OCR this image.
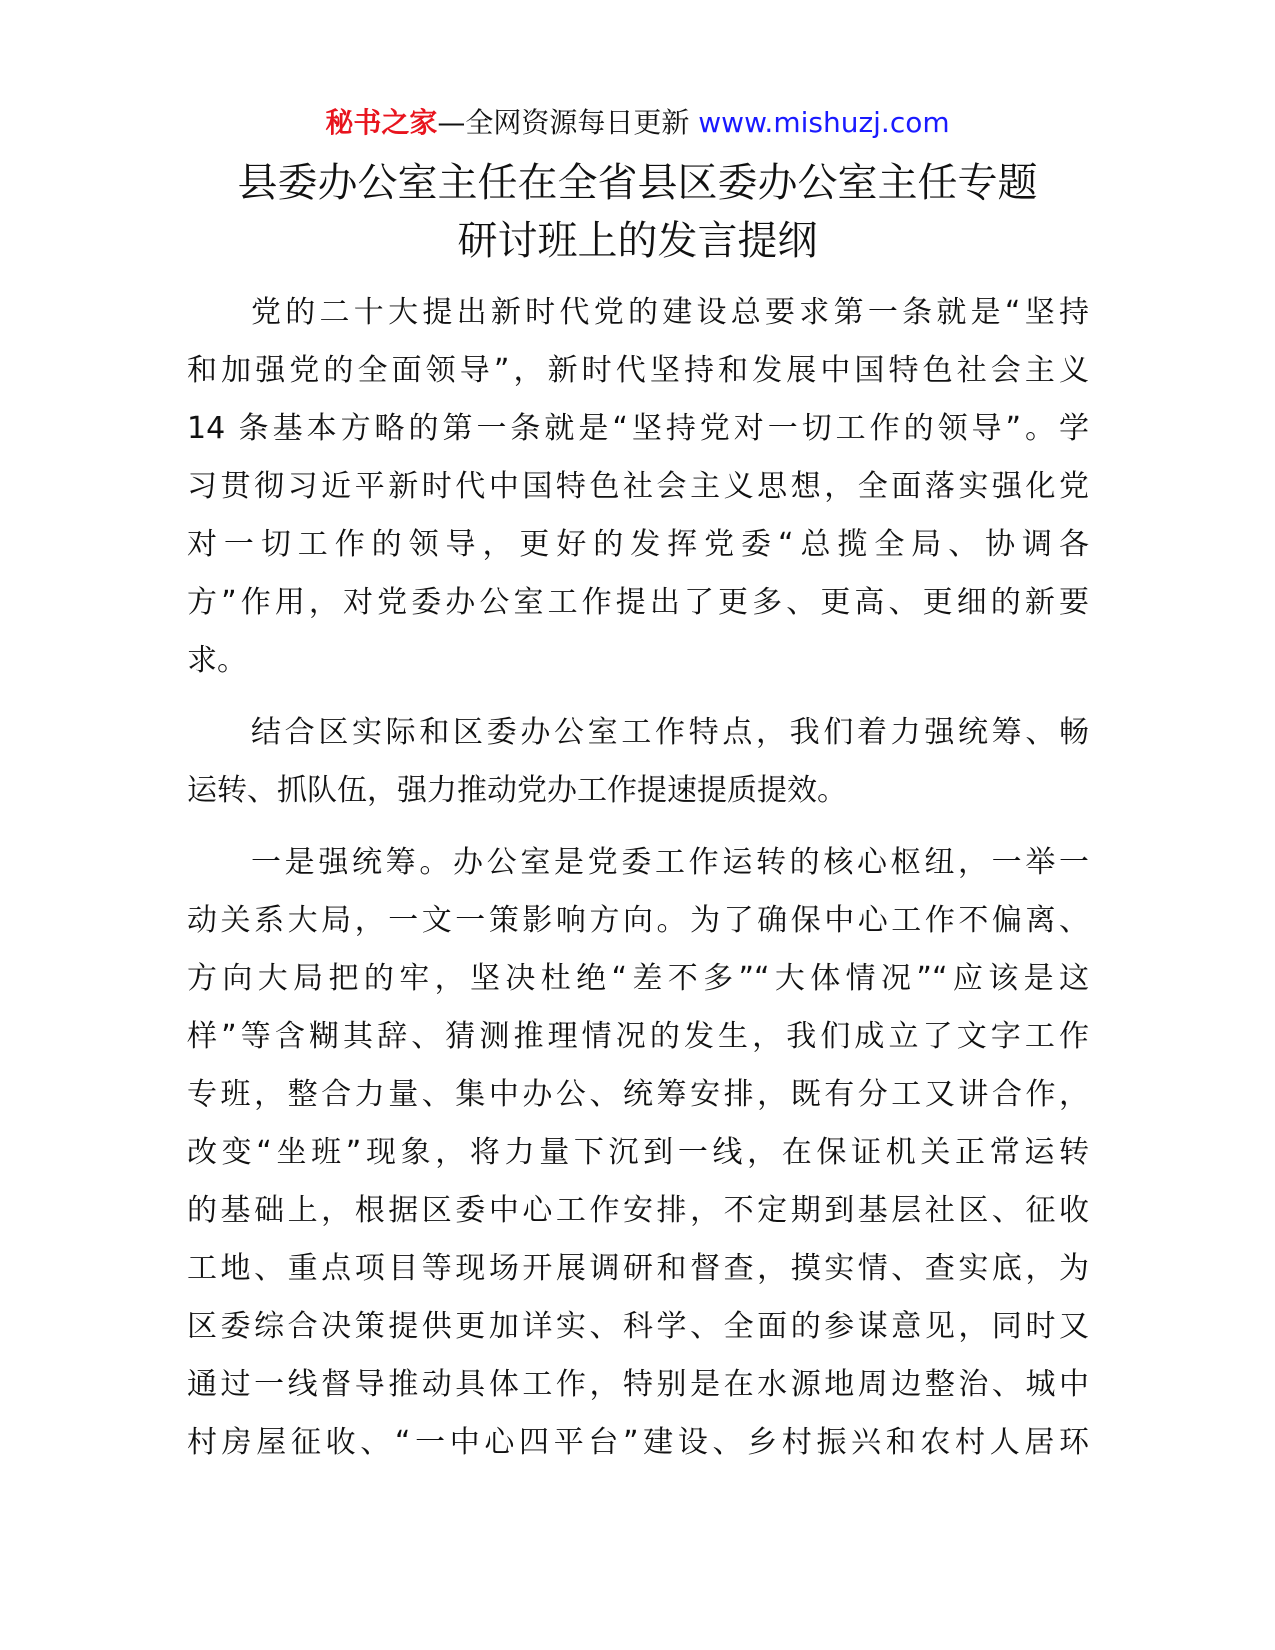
秘书之家—全网资源每日更新 www.mishuzj.com
县委办公室主任在全省县区委办公室主任专题
研讨班上的发言提纲
党的二十大提出新时代党的建设总要求第一条就是“坚持
和加强党的全面领导”，新时代坚持和发展中国特色社会主义
14 条基本方略的第一条就是“坚持党对一切工作的领导”。学
习贯彻习近平新时代中国特色社会主义思想，全面落实强化党
对一切工作的领导，更好的发挥党委“总揽全局、协调各
方”作用，对党委办公室工作提出了更多、更高、更细的新要
求。
结合区实际和区委办公室工作特点，我们着力强统筹、畅
运转、抓队伍，强力推动党办工作提速提质提效。
一是强统筹。办公室是党委工作运转的核心枢纽，一举一
动关系大局，一文一策影响方向。为了确保中心工作不偏离、
方向大局把的牢，坚决杜绝“差不多”“大体情况”“应该是这
样”等含糊其辞、猜测推理情况的发生，我们成立了文字工作
专班，整合力量、集中办公、统筹安排，既有分工又讲合作，
改变“坐班”现象，将力量下沉到一线，在保证机关正常运转
的基础上，根据区委中心工作安排，不定期到基层社区、征收
工地、重点项目等现场开展调研和督查，摸实情、查实底，为
区委综合决策提供更加详实、科学、全面的参谋意见，同时又
通过一线督导推动具体工作，特别是在水源地周边整治、城中
村房屋征收、“一中心四平台”建设、乡村振兴和农村人居环
